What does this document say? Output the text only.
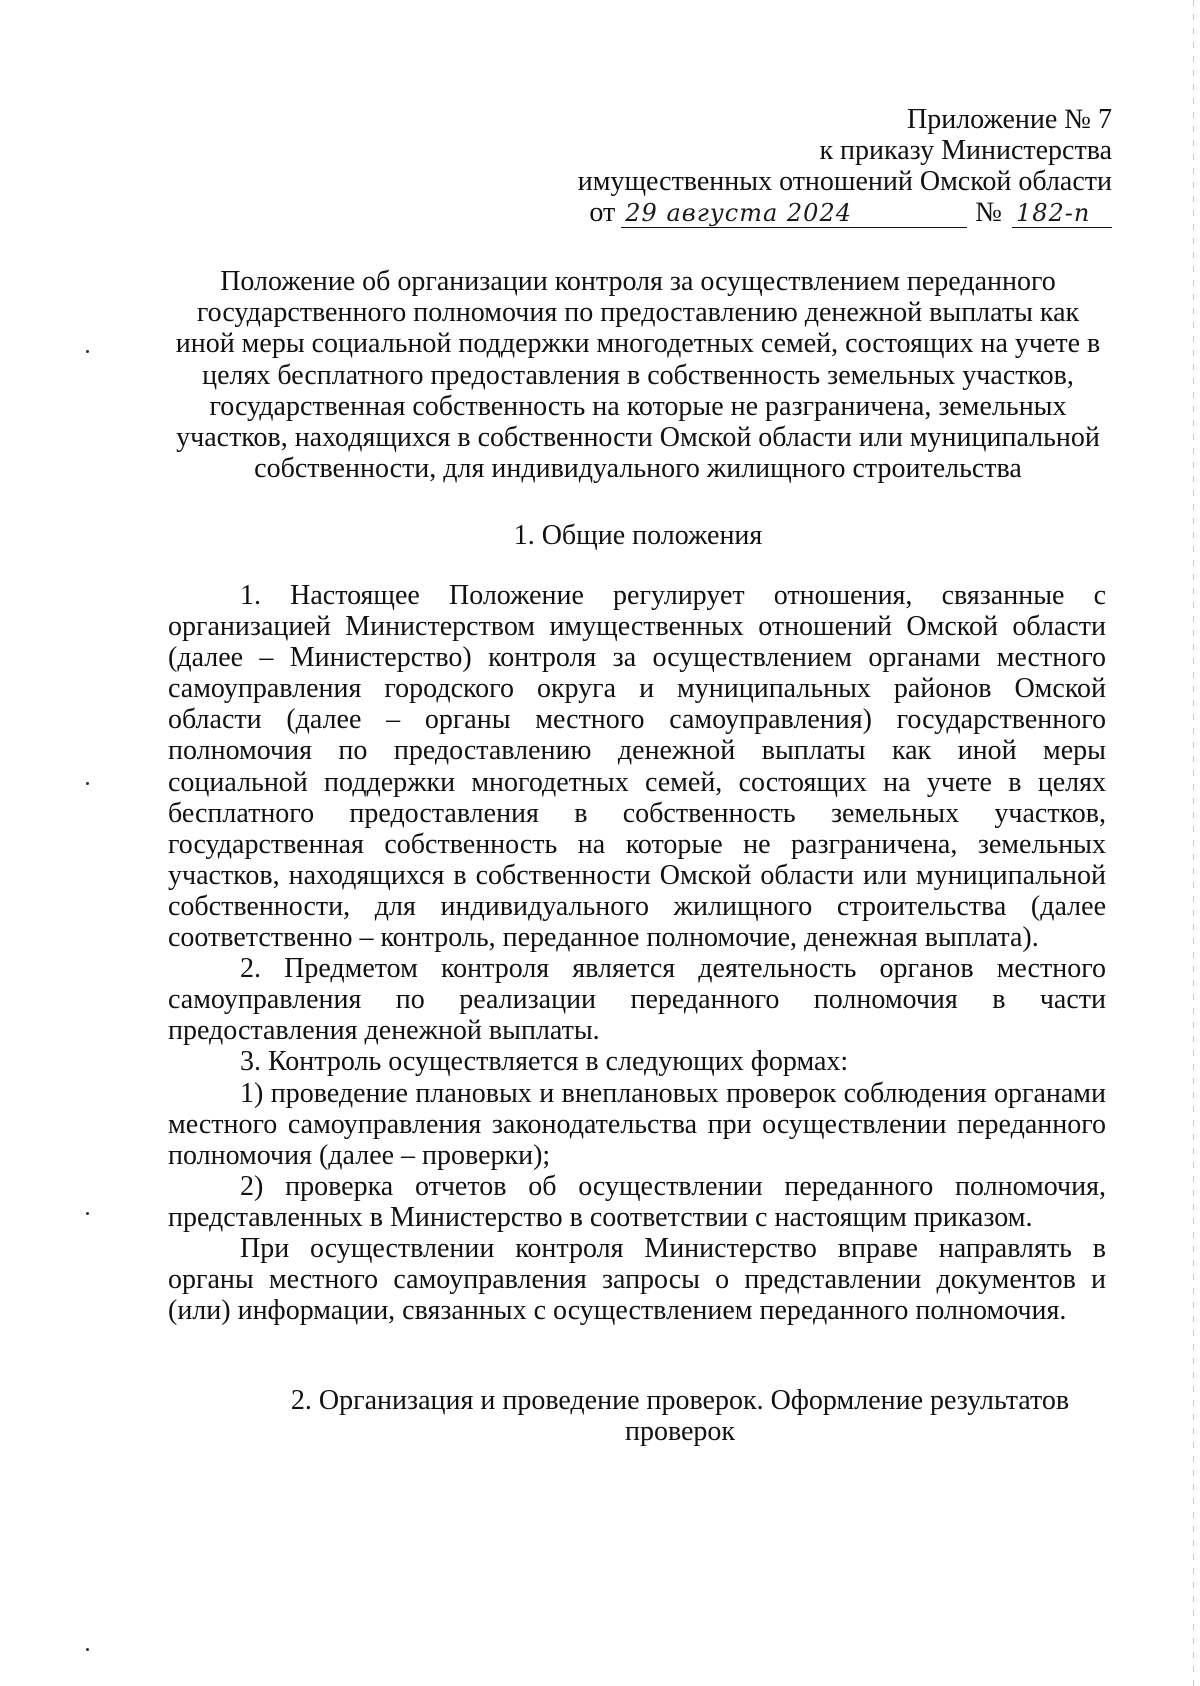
Приложение № 7
к приказу Министерства
имущественных отношений Омской области
от 29 августа 2024	№ 182-п
Положение об организации контроля за осуществлением переданного государственного полномочия по предоставлению денежной выплаты как иной меры социальной поддержки многодетных семей, состоящих на учете в целях бесплатного предоставления в собственность земельных участков, государственная собственность на которые не разграничена, земельных участков, находящихся в собственности Омской области или муниципальной собственности, для индивидуального жилищного строительства
1. Общие положения

1. Настоящее Положение регулирует отношения, связанные с организацией Министерством имущественных отношений Омской области (далее – Министерство) контроля за осуществлением органами местного самоуправления городского округа и муниципальных районов Омской области (далее – органы местного самоуправления) государственного полномочия по предоставлению денежной выплаты как иной меры социальной поддержки многодетных семей, состоящих на учете в целях бесплатного предоставления в собственность земельных участков, государственная собственность на которые не разграничена, земельных участков, находящихся в собственности Омской области или муниципальной собственности, для индивидуального жилищного строительства (далее соответственно – контроль, переданное полномочие, денежная выплата).

2. Предметом контроля является деятельность органов местного самоуправления по реализации переданного полномочия в части предоставления денежной выплаты.

3. Контроль осуществляется в следующих формах:

1) проведение плановых и внеплановых проверок соблюдения органами местного самоуправления законодательства при осуществлении переданного полномочия (далее – проверки);

2) проверка отчетов об осуществлении переданного полномочия, представленных в Министерство в соответствии с настоящим приказом.

При осуществлении контроля Министерство вправе направлять в органы местного самоуправления запросы о представлении документов и (или) информации, связанных с осуществлением переданного полномочия.

2. Организация и проведение проверок. Оформление результатов проверок
